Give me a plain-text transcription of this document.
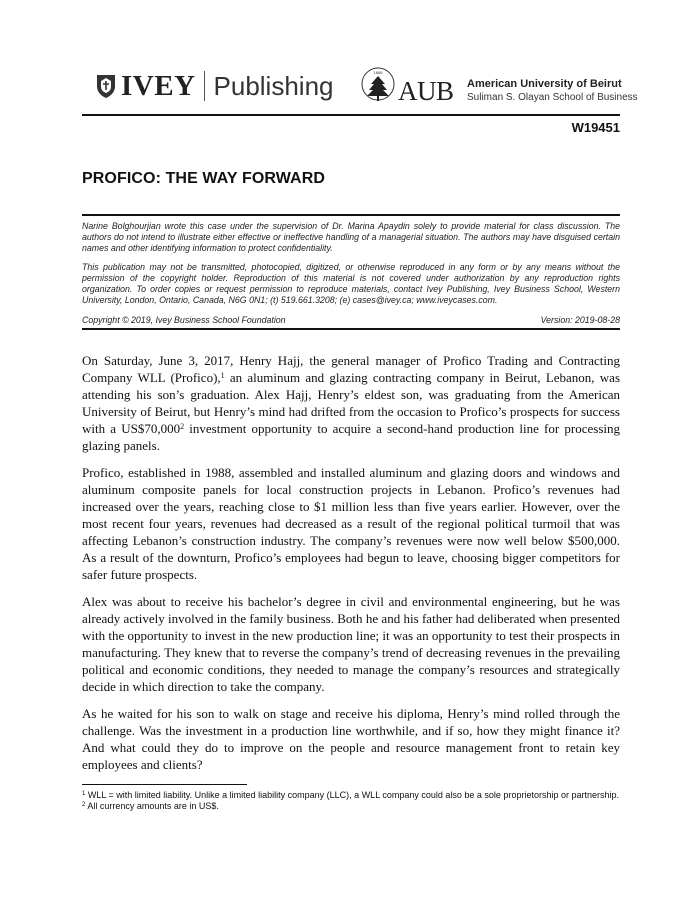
IVEY Publishing	1866
AUB American University of Beirut
Suliman S. Olayan School of Business
W19451
PROFICO: THE WAY FORWARD

Narine Bolghourjian wrote this case under the supervision of Dr. Marina Apaydin solely to provide material for class discussion. The authors do not intend to illustrate either effective or ineffective handling of a managerial situation. The authors may have disguised certain names and other identifying information to protect confidentiality.

This publication may not be transmitted, photocopied, digitized, or otherwise reproduced in any form or by any means without the permission of the copyright holder. Reproduction of this material is not covered under authorization by any reproduction rights organization. To order copies or request permission to reproduce materials, contact Ivey Publishing, Ivey Business School, Western University, London, Ontario, Canada, N6G 0N1; (t) 519.661.3208; (e) cases@ivey.ca; www.iveycases.com.

Copyright © 2019, Ivey Business School Foundation	Version: 2019-08-28

On Saturday, June 3, 2017, Henry Hajj, the general manager of Profico Trading and Contracting Company WLL (Profico),$^1$ an aluminum and glazing contracting company in Beirut, Lebanon, was attending his son’s graduation. Alex Hajj, Henry’s eldest son, was graduating from the American University of Beirut, but Henry’s mind had drifted from the occasion to Profico’s prospects for success with a US$70,000$^2$ investment opportunity to acquire a second-hand production line for processing glazing panels.

Profico, established in 1988, assembled and installed aluminum and glazing doors and windows and aluminum composite panels for local construction projects in Lebanon. Profico’s revenues had increased over the years, reaching close to $1 million less than five years earlier. However, over the most recent four years, revenues had decreased as a result of the regional political turmoil that was affecting Lebanon’s construction industry. The company’s revenues were now well below $500,000. As a result of the downturn, Profico’s employees had begun to leave, choosing bigger competitors for safer future prospects.

Alex was about to receive his bachelor’s degree in civil and environmental engineering, but he was already actively involved in the family business. Both he and his father had deliberated when presented with the opportunity to invest in the new production line; it was an opportunity to test their prospects in manufacturing. They knew that to reverse the company’s trend of decreasing revenues in the prevailing political and economic conditions, they needed to manage the company’s resources and strategically decide in which direction to take the company.

As he waited for his son to walk on stage and receive his diploma, Henry’s mind rolled through the challenge. Was the investment in a production line worthwhile, and if so, how they might finance it? And what could they do to improve on the people and resource management front to retain key employees and clients?

$^1$ WLL = with limited liability. Unlike a limited liability company (LLC), a WLL company could also be a sole proprietorship or partnership.

$^2$ All currency amounts are in US$.
